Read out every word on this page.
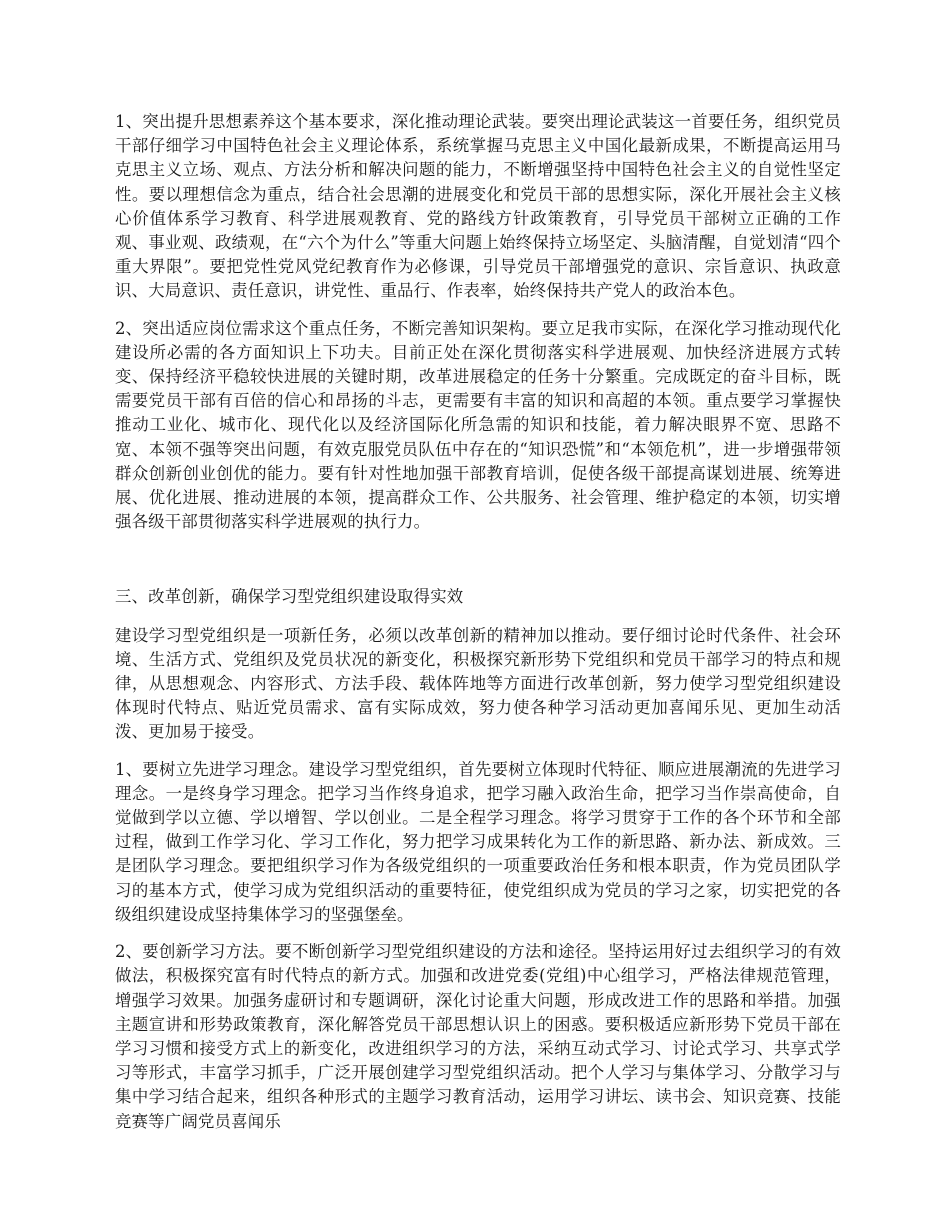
1、突出提升思想素养这个基本要求，深化推动理论武装。要突出理论武装这一首要任务，组织党员干部仔细学习中国特色社会主义理论体系，系统掌握马克思主义中国化最新成果，不断提高运用马克思主义立场、观点、方法分析和解决问题的能力，不断增强坚持中国特色社会主义的自觉性坚定性。要以理想信念为重点，结合社会思潮的进展变化和党员干部的思想实际，深化开展社会主义核心价值体系学习教育、科学进展观教育、党的路线方针政策教育，引导党员干部树立正确的工作观、事业观、政绩观，在“六个为什么”等重大问题上始终保持立场坚定、头脑清醒，自觉划清“四个重大界限”。要把党性党风党纪教育作为必修课，引导党员干部增强党的意识、宗旨意识、执政意识、大局意识、责任意识，讲党性、重品行、作表率，始终保持共产党人的政治本色。

2、突出适应岗位需求这个重点任务，不断完善知识架构。要立足我市实际，在深化学习推动现代化建设所必需的各方面知识上下功夫。目前正处在深化贯彻落实科学进展观、加快经济进展方式转变、保持经济平稳较快进展的关键时期，改革进展稳定的任务十分繁重。完成既定的奋斗目标，既需要党员干部有百倍的信心和昂扬的斗志，更需要有丰富的知识和高超的本领。重点要学习掌握快推动工业化、城市化、现代化以及经济国际化所急需的知识和技能，着力解决眼界不宽、思路不宽、本领不强等突出问题，有效克服党员队伍中存在的“知识恐慌”和“本领危机”，进一步增强带领群众创新创业创优的能力。要有针对性地加强干部教育培训，促使各级干部提高谋划进展、统筹进展、优化进展、推动进展的本领，提高群众工作、公共服务、社会管理、维护稳定的本领，切实增强各级干部贯彻落实科学进展观的执行力。

三、改革创新，确保学习型党组织建设取得实效

建设学习型党组织是一项新任务，必须以改革创新的精神加以推动。要仔细讨论时代条件、社会环境、生活方式、党组织及党员状况的新变化，积极探究新形势下党组织和党员干部学习的特点和规律，从思想观念、内容形式、方法手段、载体阵地等方面进行改革创新，努力使学习型党组织建设体现时代特点、贴近党员需求、富有实际成效，努力使各种学习活动更加喜闻乐见、更加生动活泼、更加易于接受。

1、要树立先进学习理念。建设学习型党组织，首先要树立体现时代特征、顺应进展潮流的先进学习理念。一是终身学习理念。把学习当作终身追求，把学习融入政治生命，把学习当作崇高使命，自觉做到学以立德、学以增智、学以创业。二是全程学习理念。将学习贯穿于工作的各个环节和全部过程，做到工作学习化、学习工作化，努力把学习成果转化为工作的新思路、新办法、新成效。三是团队学习理念。要把组织学习作为各级党组织的一项重要政治任务和根本职责，作为党员团队学习的基本方式，使学习成为党组织活动的重要特征，使党组织成为党员的学习之家，切实把党的各级组织建设成坚持集体学习的坚强堡垒。

2、要创新学习方法。要不断创新学习型党组织建设的方法和途径。坚持运用好过去组织学习的有效做法，积极探究富有时代特点的新方式。加强和改进党委(党组)中心组学习，严格法律规范管理，增强学习效果。加强务虚研讨和专题调研，深化讨论重大问题，形成改进工作的思路和举措。加强主题宣讲和形势政策教育，深化解答党员干部思想认识上的困惑。要积极适应新形势下党员干部在学习习惯和接受方式上的新变化，改进组织学习的方法，采纳互动式学习、讨论式学习、共享式学习等形式，丰富学习抓手，广泛开展创建学习型党组织活动。把个人学习与集体学习、分散学习与集中学习结合起来，组织各种形式的主题学习教育活动，运用学习讲坛、读书会、知识竞赛、技能竞赛等广阔党员喜闻乐
